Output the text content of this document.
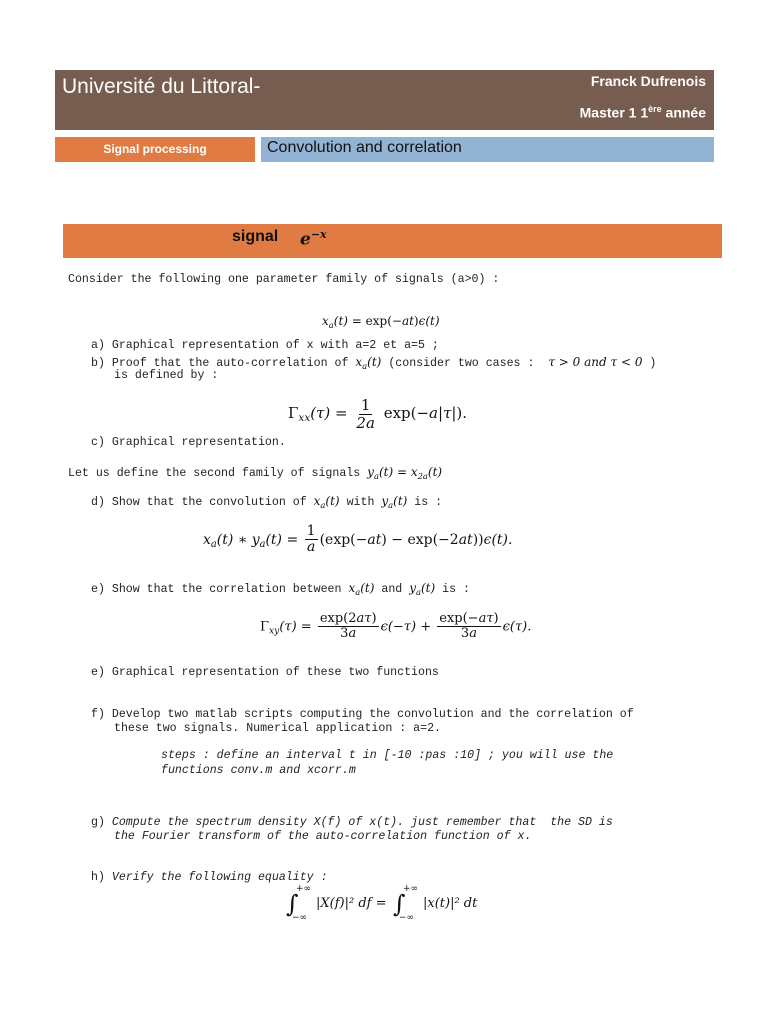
Université du Littoral-	Franck Dufrenois
Master 1 1ère année
Signal processing	Convolution and correlation
signal $e^{-x}$
Consider the following one parameter family of signals (a>0) :
$x_a(t) = \exp(-at)\epsilon(t)$
a) Graphical representation of x with a=2 et a=5 ;
b) Proof that the auto-correlation of $x_a(t)$ (consider two cases :  τ > 0 and τ < 0 )
is defined by :
$\Gamma_{xx}(\tau) = \frac{1}{2a} \exp(-a|\tau|)$.
c) Graphical representation.
Let us define the second family of signals $y_a(t) = x_{2a}(t)$
d) Show that the convolution of $x_a(t)$ with $y_a(t)$ is :
$x_a(t)$ ∗ $y_a(t) = \frac{1}{a} (\exp(-at) - \exp(-2at))\epsilon(t)$.
e) Show that the correlation between $x_a(t)$ and $y_a(t)$ is :
$\Gamma_{xy}(\tau) = \frac{\exp(2a\tau)}{3a} \epsilon(-\tau) + \frac{\exp(-a\tau)}{3a} \epsilon(\tau)$.
e) Graphical representation of these two functions
f) Develop two matlab scripts computing the convolution and the correlation of
these two signals. Numerical application : a=2.
steps : define an interval t in [-10 :pas :10] ; you will use the
functions conv.m and xcorr.m
g) Compute the spectrum density X(f) of x(t). just remember that  the SD is
the Fourier transform of the auto-correlation function of x.
h) Verify the following equality :
∫
+∞
−∞
|X(f)|² df = ∫
+∞
−∞
|x(t)|² dt
